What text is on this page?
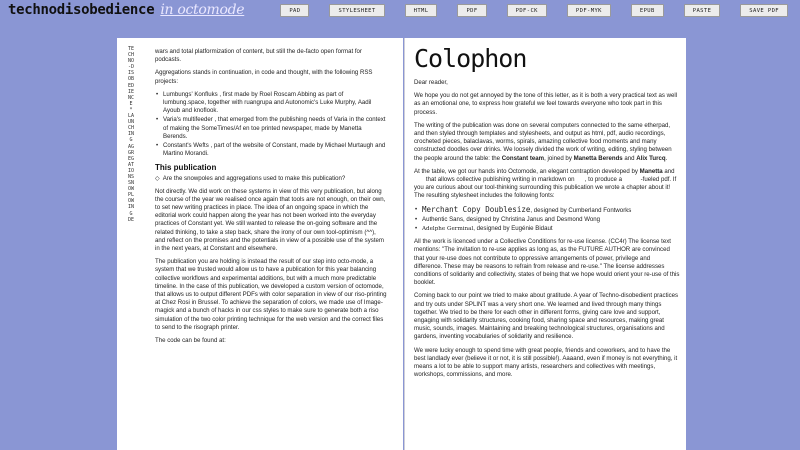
technodisobedience in octomode	PAD	STYLESHEET	HTML	PDF	PDF-CK	PDF-MYK	EPUB	PASTE	SAVE PDF
TECHNO-DISOBEDIENCE * LAUNCHING AGGREGATIONS SNOWPLOWING DE

wars and total platformization of content, but still the de-facto open format for podcasts.

Aggregations stands in continuation, in code and thought, with the following RSS projects:

• Lumbungs' Konfluks , first made by Roel Roscam Abbing as part of lumbung.space, together with ruangrupa and Autonomic's Luke Murphy, Aadil Ayoub and knoflook.
• Varia's multifeeder , that emerged from the publishing needs of Varia in the context of making the SomeTimes/Af en toe printed newspaper, made by Manetta Berends.
• Constant's Wefts , part of the website of Constant, made by Michael Murtaugh and Martino Morandi.
This publication
◇ Are the snowpoles and aggregations used to make this publication?

Not directly. We did work on these systems in view of this very publication, but along the course of the year we realised once again that tools are not enough, on their own, to set new writing practices in place. The idea of an ongoing space in which the editorial work could happen along the year has not been worked into the everyday practices of Constant yet. We still wanted to release the on-going software and the related thinking, to take a step back, share the irony of our own tool-optimism (^^), and reflect on the promises and the potentials in view of a possible use of the system in the next years, at Constant and elsewhere.

The publication you are holding is instead the result of our step into octo-mode, a system that we trusted would allow us to have a publication for this year balancing collective workflows and experimental additions, but with a much more predictable timeline. In the case of this publication, we developed a custom version of octomode, that allows us to output different PDFs with color separation in view of our riso-printing at Chez Rosi in Brussel. To achieve the separation of colors, we made use of Image-magick and a bunch of hacks in our css styles to make sure to generate both a riso simulation of the two color printing technique for the web version and the correct files to send to the risograph printer.

The code can be found at:

Colophon

Dear reader,

We hope you do not get annoyed by the tone of this letter, as it is both a very practical text as well as an emotional one, to express how grateful we feel towards everyone who took part in this process.

The writing of the publication was done on several computers connected to the same etherpad, and then styled through templates and stylesheets, and output as html, pdf, audio recordings, crocheted pieces, balaclavas, worms, spirals, amazing collective food moments and many constructed doodles over drinks. We loosely divided the work of writing, editing, styling between the people around the table: the Constant team, joined by Manetta Berends and Alix Turcq.

At the table, we got our hands into Octomode, an elegant contraption developed by Manetta and        that allows collective publishing writing in markdown on , to produce a	-fueled pdf. If you are curious about our tool-thinking surrounding this publication we wrote a chapter about it!
The resulting stylesheet includes the following fonts:

• Merchant Copy Doublesize, designed by Cumberland Fontworks
• Authentic Sans, designed by Christina Janus and Desmond Wong
• Adelphe Germinal, designed by Eugénie Bidaut

All the work is licenced under a Collective Conditions for re-use license. (CC4r) The license text mentions: "The invitation to re-use applies as long as, as the FUTURE AUTHOR are convinced that your re-use does not contribute to oppressive arrangements of power, privilege and difference. These may be reasons to refrain from release and re-use." The license addresses conditions of solidarity and collectivity, states of being that we hope would orient your re-use of this booklet.

Coming back to our point we tried to make about gratitude. A year of Techno-disobedient practices and try outs under SPLINT was a very short one. We learned and lived through many things together. We tried to be there for each other in different forms, giving care love and support, engaging with solidarity structures, cooking food, sharing space and resources, making great music, sounds, images. Maintaining and breaking technological structures, organisations and gardens, inventing vocabularies of solidarity and resilience.

We were lucky enough to spend time with great people, friends and coworkers, and to have the best landlady ever (believe it or not, it is still possible!). Aaaand, even if money is not everything, it means a lot to be able to support many artists, researchers and collectives with meetings, workshops, commissions, and more.
